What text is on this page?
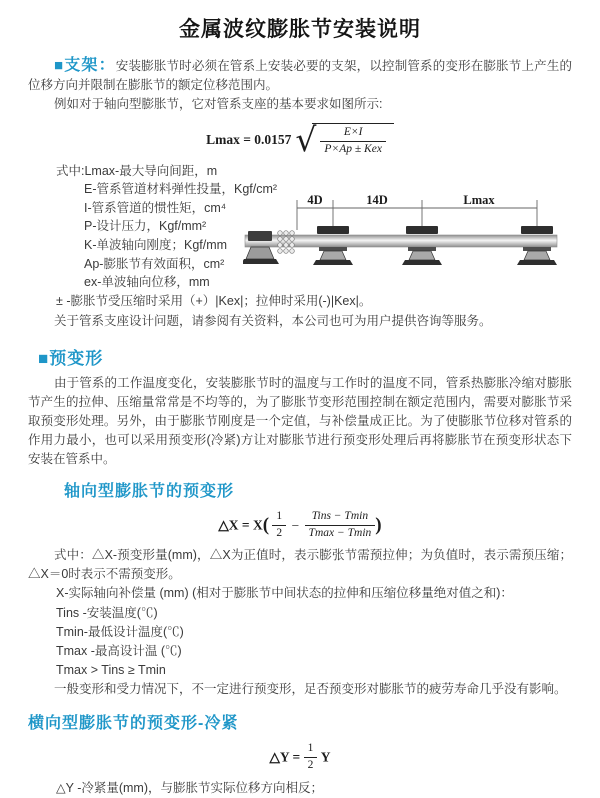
金属波纹膨胀节安装说明

■支架：安装膨胀节时必须在管系上安装必要的支架，以控制管系的变形在膨胀节上产生的位移方向并限制在膨胀节的额定位移范围内。

例如对于轴向型膨胀节，它对管系支座的基本要求如图所示:

Lmax = 0.0157 √ $\frac{E\times I}{\text{P×Ap ± Kex}}$
式中:Lmax-最大导向间距，m
E-管系管道材料弹性投量，Kgf/cm²
I-管系管道的惯性矩，cm⁴
P-设计压力，Kgf/mm²
K-单波轴向刚度；Kgf/mm
Ap-膨胀节有效面积，cm²
ex-单波轴向位移，mm
± -膨胀节受压缩时采用（+）|Kex|；拉伸时采用(-)|Kex|。

关于管系支座设计问题，请参阅有关资料，本公司也可为用户提供咨询等服务。

4D	14D	Lmax
■预变形

由于管系的工作温度变化，安装膨胀节时的温度与工作时的温度不同，管系热膨胀冷缩对膨胀节产生的拉伸、压缩量常常是不均等的，为了膨胀节变形范围控制在额定范围内，需要对膨胀节采取预变形处理。另外，由于膨胀节刚度是一个定值，与补偿量成正比。为了使膨胀节位移对管系的作用力最小，也可以采用预变形(冷紧)方让对膨胀节进行预变形处理后再将膨胀节在预变形状态下安装在管系中。

轴向型膨胀节的预变形
△X = $X( \frac{1}{2} - \frac{\text{Tins − Tmin}}{Tmax - Tmin}$ )

式中：△X-预变形量(mm)，△X为正值时，表示膨张节需预拉伸；为负值时，表示需预压缩；△X＝0时表示不需预变形。

X-实际轴向补偿量 (mm) (相对于膨胀节中间状态的拉伸和压缩位移量绝对值之和)：
Tins -安装温度(℃)
Tmin-最低设计温度(℃)
Tmax -最高设计温 (℃)
Tmax > Tins ≥ Tmin

一般变形和受力情况下，不一定进行预变形，足否预变形对膨胀节的疲劳寿命几乎没有影响。

横向型膨胀节的预变形-冷紧
△Y = $\frac{1}{2}$ Y
△Y -冷紧量(mm)，与膨胀节实际位移方向相反；
